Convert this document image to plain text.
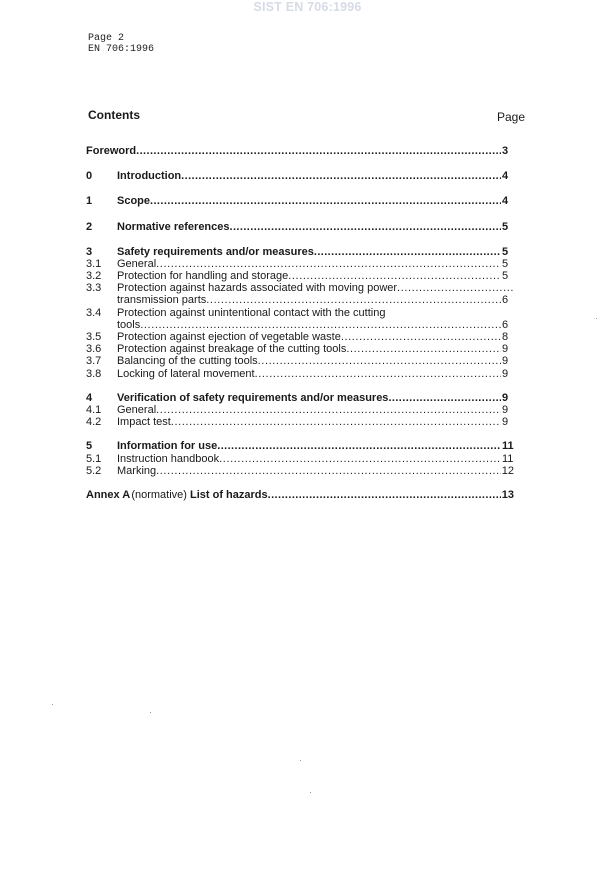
SIST EN 706:1996
Page 2
EN 706:1996
Contents	Page
Foreword .....	3
0	Introduction .....	4
1	Scope .....	4
2	Normative references .....	5
3	Safety requirements and/or measures .....	5
3.1	General .....	5
3.2	Protection for handling and storage .....	5
3.3	Protection against hazards associated with moving power
.....
transmission parts .....	6
3.4	Protection against unintentional contact with the cutting
tools .....	6
3.5	Protection against ejection of vegetable waste .....	8
3.6	Protection against breakage of the cutting tools .....	9
3.7	Balancing of the cutting tools .....	9
3.8	Locking of lateral movement .....	9
4	Verification of safety requirements and/or measures .....	9
4.1	General .....	9
4.2	Impact test .....	9
5	Information for use .....	11
5.1	Instruction handbook .....	11
5.2	Marking .....	12
Annex A (normative) List of hazards .....	13
